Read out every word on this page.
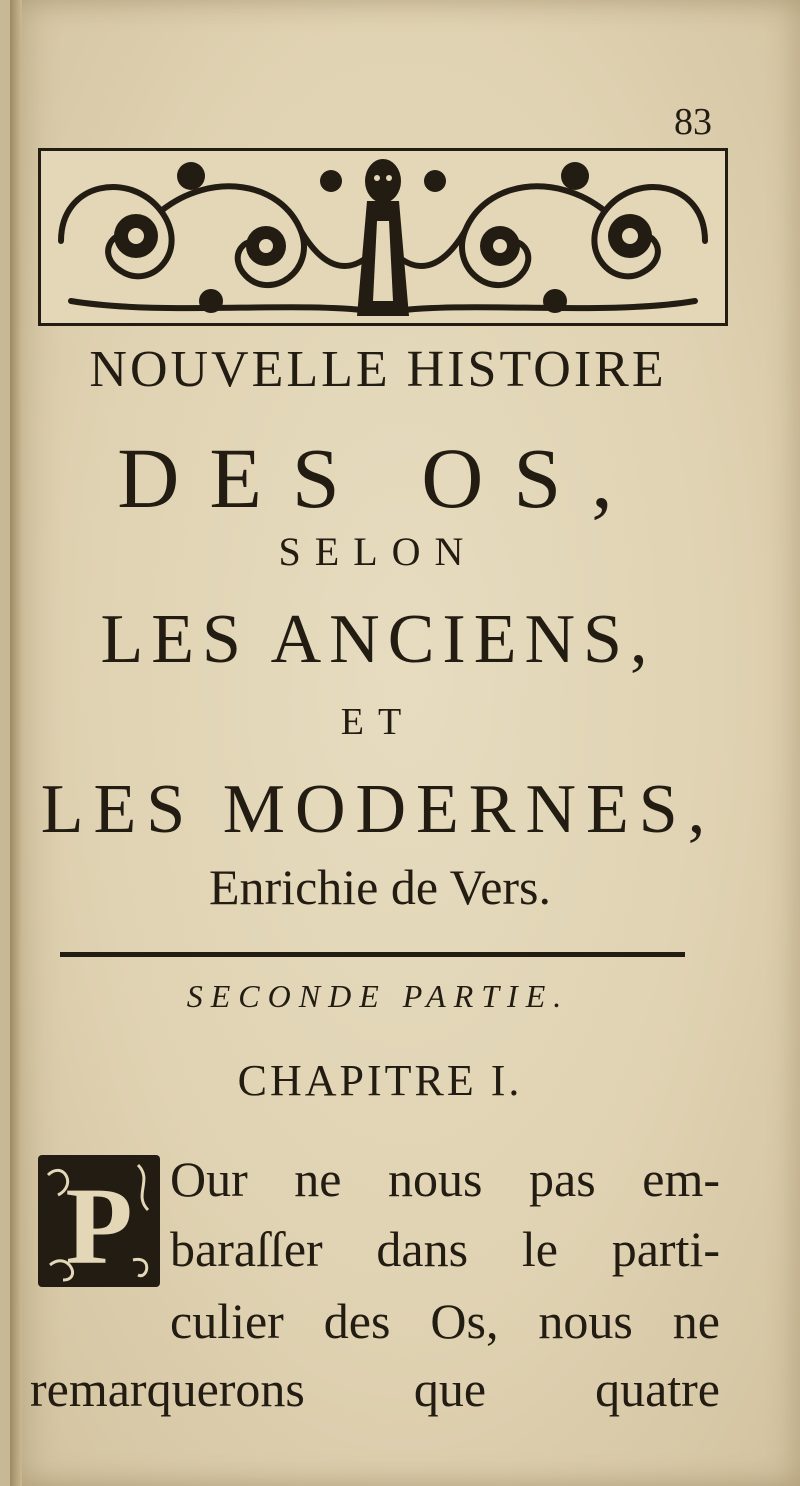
83
NOUVELLE HISTOIRE
DES OS,
SELON
LES ANCIENS,
ET
LES MODERNES,
Enrichie de Vers.
SECONDE PARTIE.
CHAPITRE I.
P Our ne nous pas em-
baraſſer dans le parti-
culier des Os, nous ne
remarquerons que quatre
